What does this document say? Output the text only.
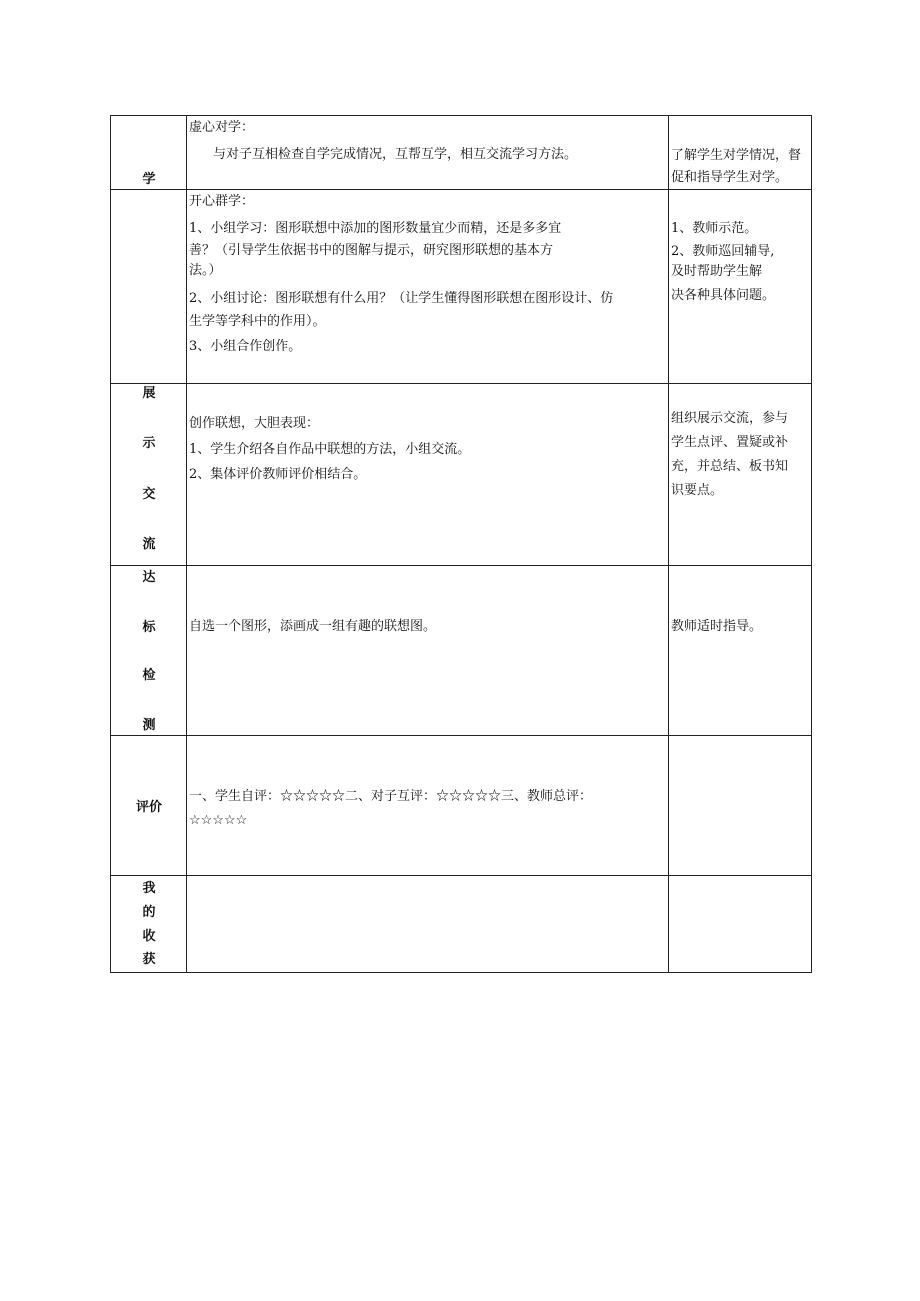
虚心对学：
与对子互相检查自学完成情况，互帮互学，相互交流学习方法。	了解学生对学情况，督
促和指导学生对学。
开心群学：
1、小组学习：图形联想中添加的图形数量宜少而精，还是多多宜
善？（引导学生依据书中的图解与提示，研究图形联想的基本方
法。）
2、小组讨论：图形联想有什么用？（让学生懂得图形联想在图形设计、仿
生学等学科中的作用）。
3、小组合作创作。
1、教师示范。
2、教师巡回辅导,
及时帮助学生解
决各种具体问题。
学
展
示
交
流
创作联想，大胆表现：
1、学生介绍各自作品中联想的方法，小组交流。
2、集体评价教师评价相结合。
组织展示交流，参与
学生点评、置疑或补
充，并总结、板书知
识要点。
达
标
检
测
自选一个图形，添画成一组有趣的联想图。	教师适时指导。
评价
一、学生自评：☆☆☆☆☆二、对子互评：☆☆☆☆☆三、教师总评：
☆☆☆☆☆
我
的
收
获
